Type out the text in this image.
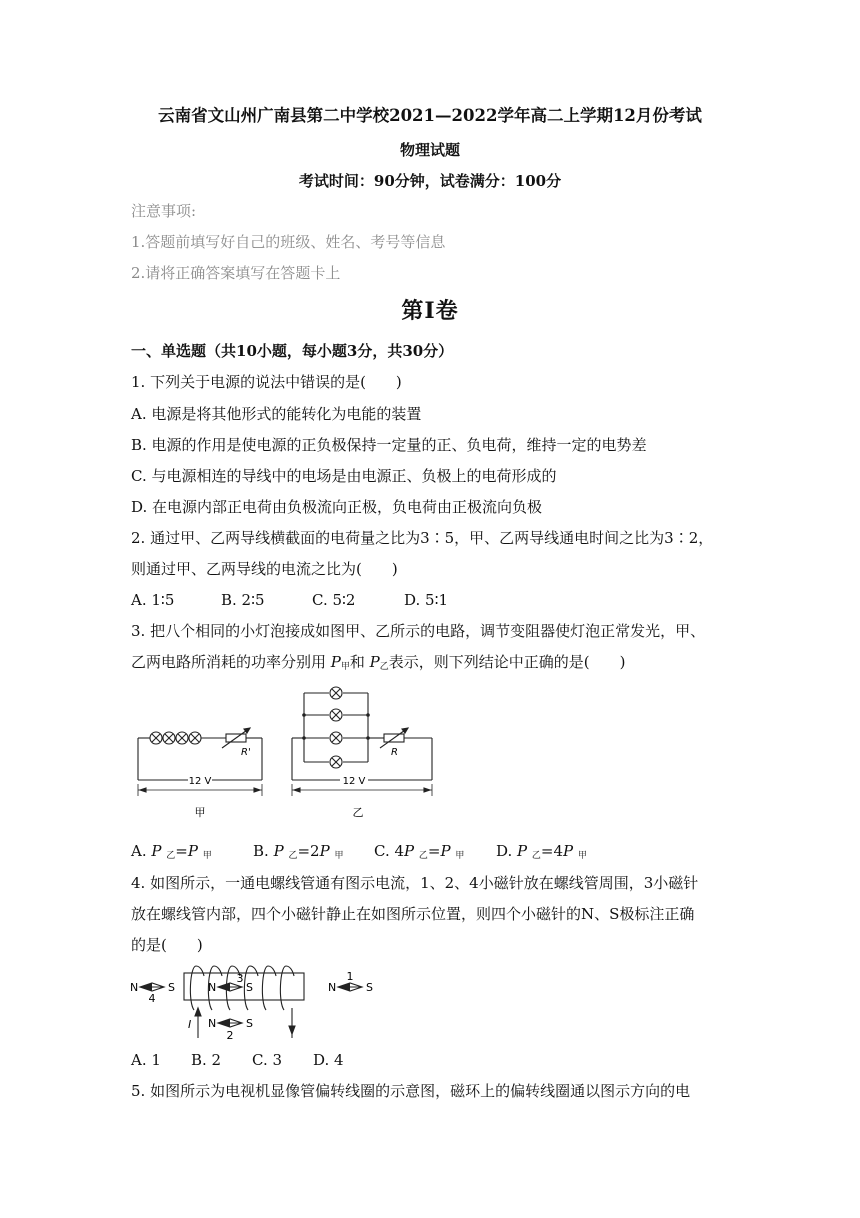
云南省文山州广南县第二中学校2021—2022学年高二上学期12月份考试
物理试题
考试时间：90分钟，试卷满分：100分
注意事项:
1.答题前填写好自己的班级、姓名、考号等信息
2.请将正确答案填写在答题卡上
第Ⅰ卷
一、单选题（共10小题，每小题3分，共30分）
1. 下列关于电源的说法中错误的是(　　)
A. 电源是将其他形式的能转化为电能的装置
B. 电源的作用是使电源的正负极保持一定量的正、负电荷，维持一定的电势差
C. 与电源相连的导线中的电场是由电源正、负极上的电荷形成的
D. 在电源内部正电荷由负极流向正极，负电荷由正极流向负极
2. 通过甲、乙两导线横截面的电荷量之比为3∶5，甲、乙两导线通电时间之比为3∶2，
则通过甲、乙两导线的电流之比为(　　)
A. 1∶5	B. 2∶5	C. 5∶2	D. 5∶1
3. 把八个相同的小灯泡接成如图甲、乙所示的电路，调节变阻器使灯泡正常发光，甲、
乙两电路所消耗的功率分别用 $P_甲$和 $P_乙$表示，则下列结论中正确的是(　　)
R'	R
12 V	12 V
甲	乙
A. P $_乙$=P $_甲$	B. P $_乙$=2P $_甲$ C. 4P $_乙$=P $_甲$ D. P $_乙$=4P $_甲$
4. 如图所示，一通电螺线管通有图示电流，1、2、4小磁针放在螺线管周围，3小磁针
放在螺线管内部，四个小磁针静止在如图所示位置，则四个小磁针的N、S极标注正确
的是(　　)
N	S
4
N	S
3
N	S
2
N	S
1
I
A. 1 B. 2 C. 3 D. 4
5. 如图所示为电视机显像管偏转线圈的示意图，磁环上的偏转线圈通以图示方向的电
